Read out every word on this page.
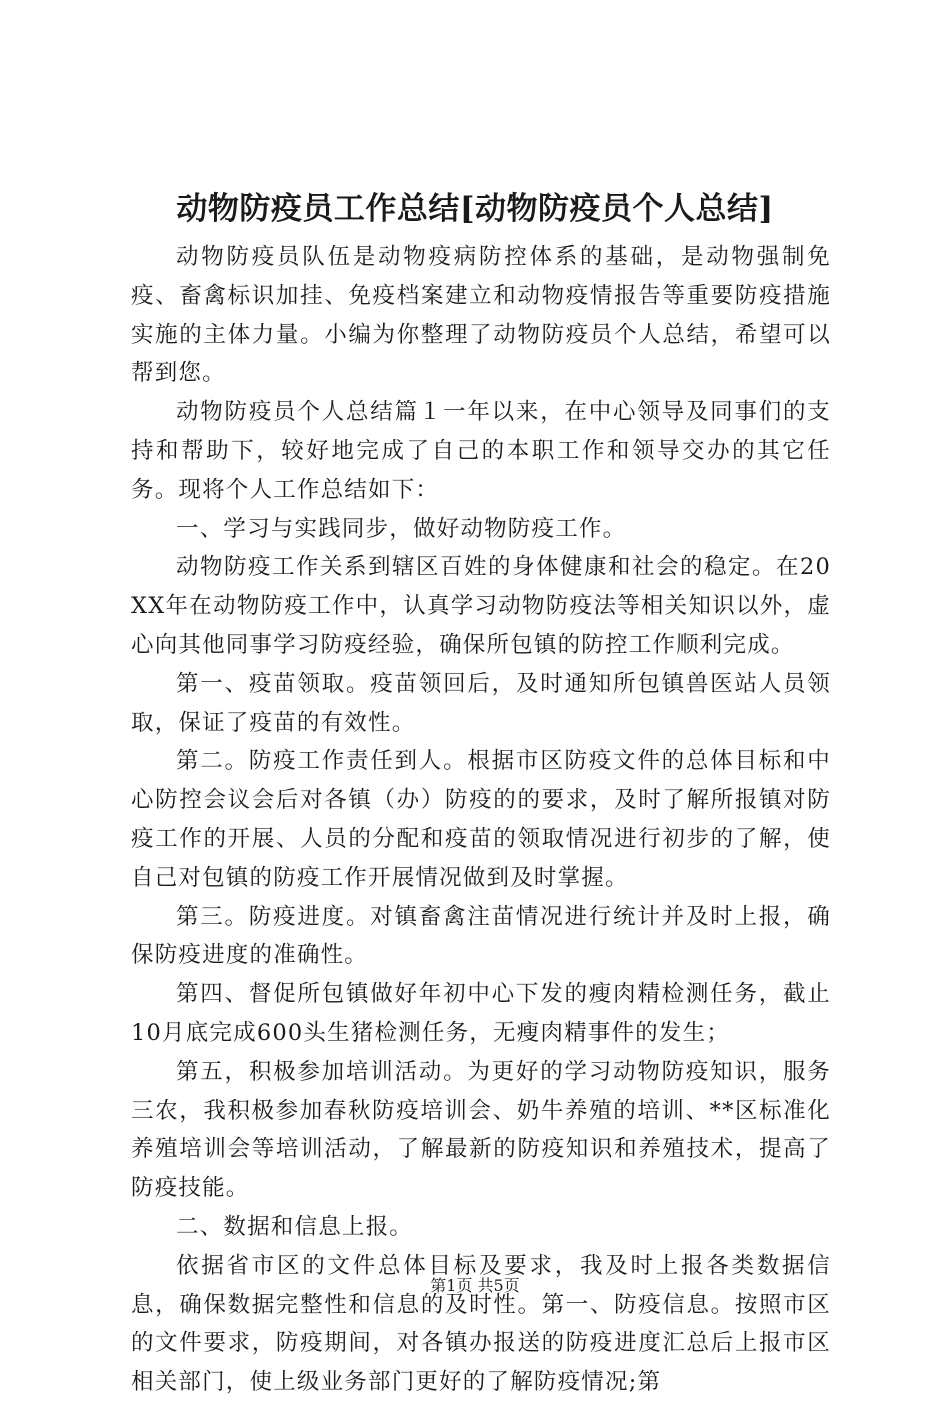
动物防疫员工作总结[动物防疫员个人总结]

动物防疫员队伍是动物疫病防控体系的基础，是动物强制免疫、畜禽标识加挂、免疫档案建立和动物疫情报告等重要防疫措施实施的主体力量。小编为你整理了动物防疫员个人总结，希望可以帮到您。

动物防疫员个人总结篇１一年以来，在中心领导及同事们的支持和帮助下，较好地完成了自己的本职工作和领导交办的其它任务。现将个人工作总结如下：

一、学习与实践同步，做好动物防疫工作。

动物防疫工作关系到辖区百姓的身体健康和社会的稳定。在20XX年在动物防疫工作中，认真学习动物防疫法等相关知识以外，虚心向其他同事学习防疫经验，确保所包镇的防控工作顺利完成。

第一、疫苗领取。疫苗领回后，及时通知所包镇兽医站人员领取，保证了疫苗的有效性。

第二。防疫工作责任到人。根据市区防疫文件的总体目标和中心防控会议会后对各镇（办）防疫的的要求，及时了解所报镇对防疫工作的开展、人员的分配和疫苗的领取情况进行初步的了解，使自己对包镇的防疫工作开展情况做到及时掌握。

第三。防疫进度。对镇畜禽注苗情况进行统计并及时上报，确保防疫进度的准确性。

第四、督促所包镇做好年初中心下发的瘦肉精检测任务，截止10月底完成600头生猪检测任务，无瘦肉精事件的发生；

第五，积极参加培训活动。为更好的学习动物防疫知识，服务三农，我积极参加春秋防疫培训会、奶牛养殖的培训、**区标准化养殖培训会等培训活动，了解最新的防疫知识和养殖技术，提高了防疫技能。

二、数据和信息上报。

依据省市区的文件总体目标及要求，我及时上报各类数据信息，确保数据完整性和信息的及时性。第一、防疫信息。按照市区的文件要求，防疫期间，对各镇办报送的防疫进度汇总后上报市区相关部门，使上级业务部门更好的了解防疫情况;第

第1页 共5页
